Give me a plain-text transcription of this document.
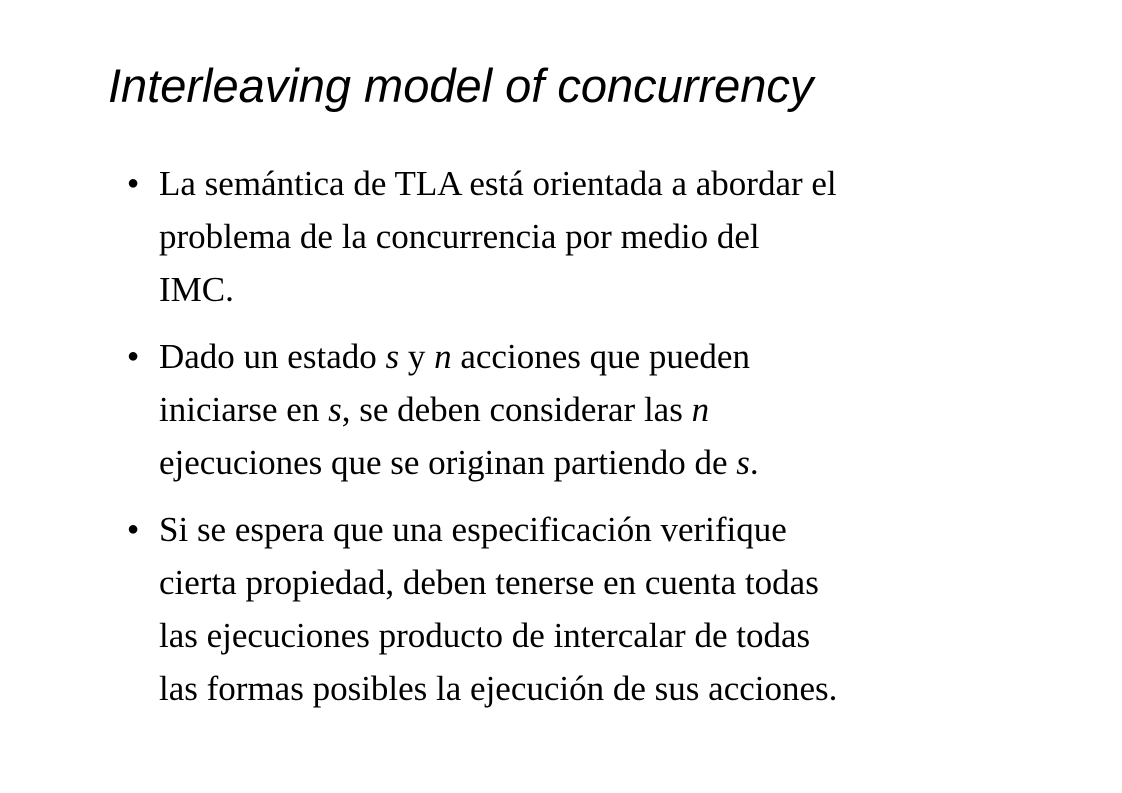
Interleaving model of concurrency
● La semántica de TLA está orientada a abordar el
problema de la concurrencia por medio del
IMC.
● Dado un estado s y n acciones que pueden
iniciarse en s, se deben considerar las n
ejecuciones que se originan partiendo de s.
● Si se espera que una especificación verifique
cierta propiedad, deben tenerse en cuenta todas
las ejecuciones producto de intercalar de todas
las formas posibles la ejecución de sus acciones.
